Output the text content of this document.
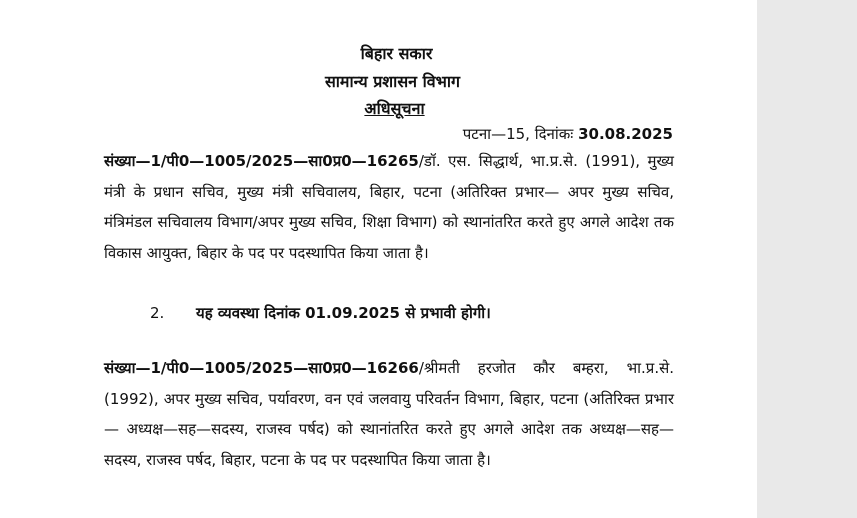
बिहार सकार
सामान्य प्रशासन विभाग
अधिसूचना
पटना—15, दिनांकः 30.08.2025
संख्या—1/पी0—1005/2025—सा0प्र0—16265/डॉ. एस. सिद्धार्थ, भा.प्र.से. (1991), मुख्य मंत्री के प्रधान सचिव, मुख्य मंत्री सचिवालय, बिहार, पटना (अतिरिक्त प्रभार— अपर मुख्य सचिव, मंत्रिमंडल सचिवालय विभाग/अपर मुख्य सचिव, शिक्षा विभाग) को स्थानांतरित करते हुए अगले आदेश तक विकास आयुक्त, बिहार के पद पर पदस्थापित किया जाता है।
2. यह व्यवस्था दिनांक 01.09.2025 से प्रभावी होगी।
संख्या—1/पी0—1005/2025—सा0प्र0—16266/श्रीमती हरजोत कौर बम्हरा, भा.प्र.से.(1992), अपर मुख्य सचिव, पर्यावरण, वन एवं जलवायु परिवर्तन विभाग, बिहार, पटना (अतिरिक्त प्रभार— अध्यक्ष—सह—सदस्य, राजस्व पर्षद) को स्थानांतरित करते हुए अगले आदेश तक अध्यक्ष—सह—सदस्य, राजस्व पर्षद, बिहार, पटना के पद पर पदस्थापित किया जाता है।
